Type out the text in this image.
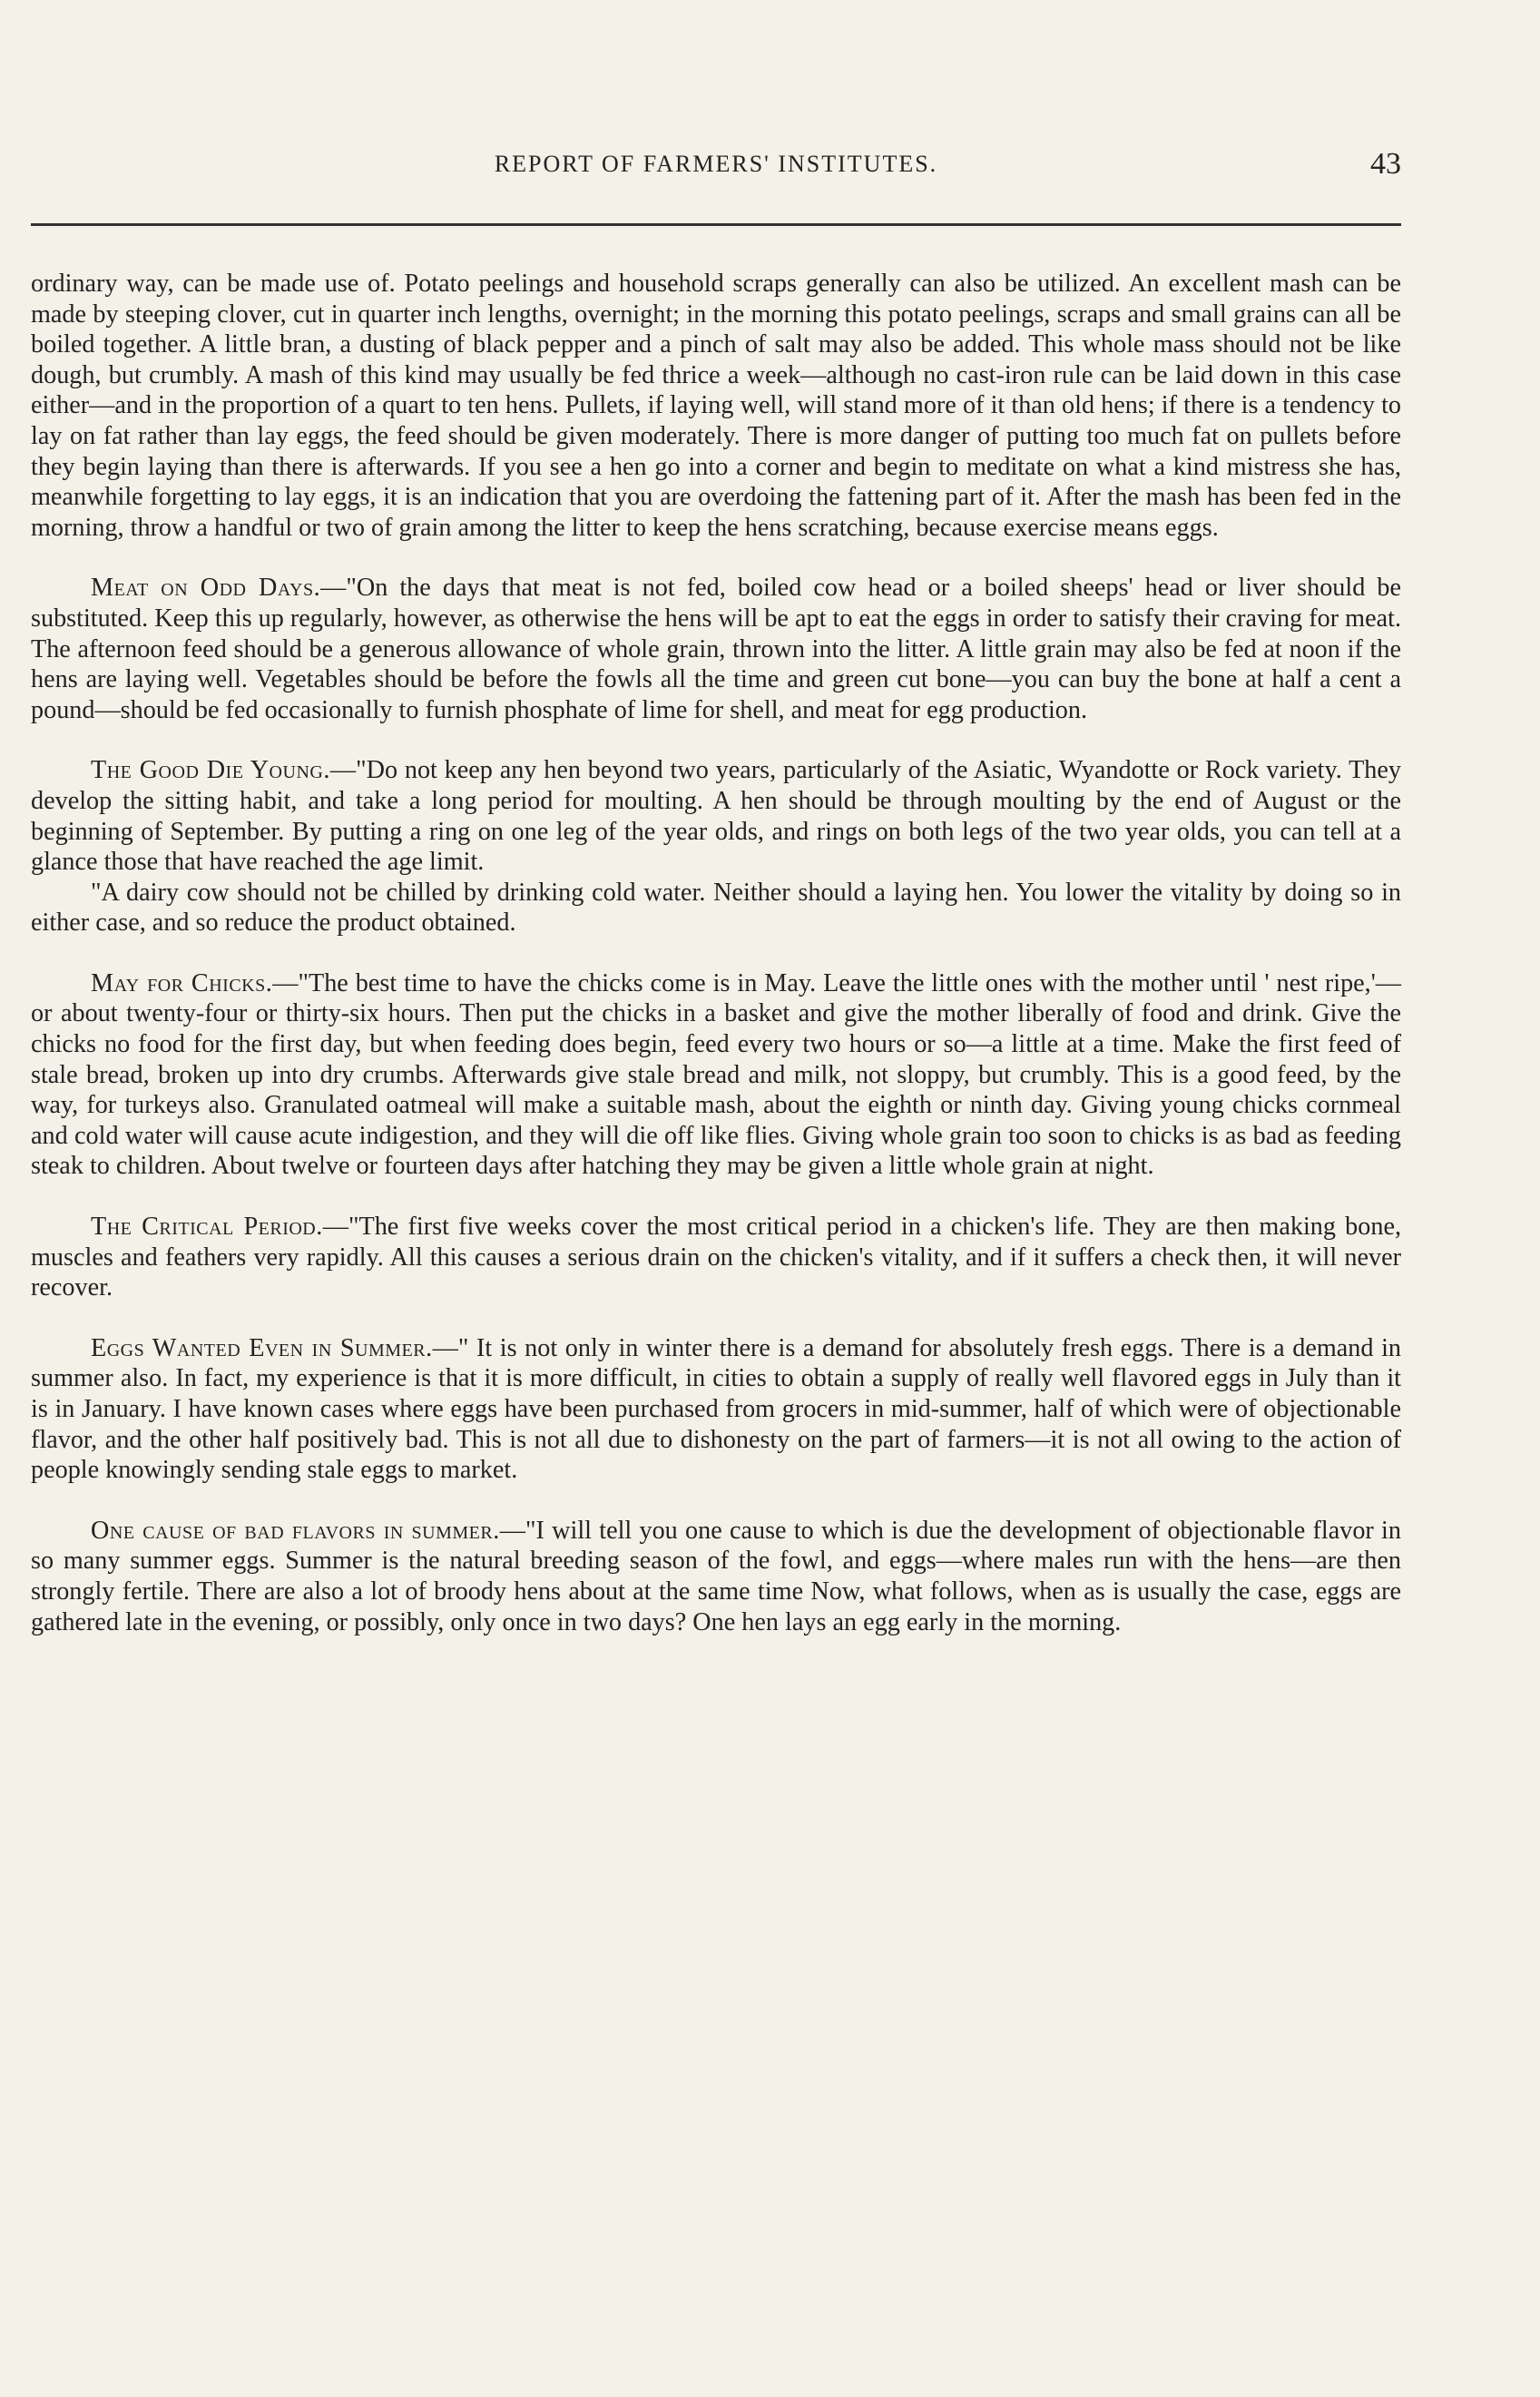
REPORT OF FARMERS' INSTITUTES.	43

ordinary way, can be made use of. Potato peelings and household scraps generally can also be utilized. An excellent mash can be made by steeping clover, cut in quarter inch lengths, overnight; in the morning this potato peelings, scraps and small grains can all be boiled together. A little bran, a dusting of black pepper and a pinch of salt may also be added. This whole mass should not be like dough, but crumbly. A mash of this kind may usually be fed thrice a week—although no cast-iron rule can be laid down in this case either—and in the proportion of a quart to ten hens. Pullets, if laying well, will stand more of it than old hens; if there is a tendency to lay on fat rather than lay eggs, the feed should be given moderately. There is more danger of putting too much fat on pullets before they begin laying than there is afterwards. If you see a hen go into a corner and begin to meditate on what a kind mistress she has, meanwhile forgetting to lay eggs, it is an indication that you are overdoing the fattening part of it. After the mash has been fed in the morning, throw a handful or two of grain among the litter to keep the hens scratching, because exercise means eggs.

Meat on Odd Days.—"On the days that meat is not fed, boiled cow head or a boiled sheeps' head or liver should be substituted. Keep this up regularly, however, as otherwise the hens will be apt to eat the eggs in order to satisfy their craving for meat. The afternoon feed should be a generous allowance of whole grain, thrown into the litter. A little grain may also be fed at noon if the hens are laying well. Vegetables should be before the fowls all the time and green cut bone—you can buy the bone at half a cent a pound—should be fed occasionally to furnish phosphate of lime for shell, and meat for egg production.

The Good Die Young.—"Do not keep any hen beyond two years, particularly of the Asiatic, Wyandotte or Rock variety. They develop the sitting habit, and take a long period for moulting. A hen should be through moulting by the end of August or the beginning of September. By putting a ring on one leg of the year olds, and rings on both legs of the two year olds, you can tell at a glance those that have reached the age limit.

"A dairy cow should not be chilled by drinking cold water. Neither should a laying hen. You lower the vitality by doing so in either case, and so reduce the product obtained.

May for Chicks.—"The best time to have the chicks come is in May. Leave the little ones with the mother until ' nest ripe,'—or about twenty-four or thirty-six hours. Then put the chicks in a basket and give the mother liberally of food and drink. Give the chicks no food for the first day, but when feeding does begin, feed every two hours or so—a little at a time. Make the first feed of stale bread, broken up into dry crumbs. Afterwards give stale bread and milk, not sloppy, but crumbly. This is a good feed, by the way, for turkeys also. Granulated oatmeal will make a suitable mash, about the eighth or ninth day. Giving young chicks cornmeal and cold water will cause acute indigestion, and they will die off like flies. Giving whole grain too soon to chicks is as bad as feeding steak to children. About twelve or fourteen days after hatching they may be given a little whole grain at night.

The Critical Period.—"The first five weeks cover the most critical period in a chicken's life. They are then making bone, muscles and feathers very rapidly. All this causes a serious drain on the chicken's vitality, and if it suffers a check then, it will never recover.

Eggs Wanted Even in Summer.—" It is not only in winter there is a demand for absolutely fresh eggs. There is a demand in summer also. In fact, my experience is that it is more difficult, in cities to obtain a supply of really well flavored eggs in July than it is in January. I have known cases where eggs have been purchased from grocers in mid-summer, half of which were of objectionable flavor, and the other half positively bad. This is not all due to dishonesty on the part of farmers—it is not all owing to the action of people knowingly sending stale eggs to market.

One cause of bad flavors in summer.—"I will tell you one cause to which is due the development of objectionable flavor in so many summer eggs. Summer is the natural breeding season of the fowl, and eggs—where males run with the hens—are then strongly fertile. There are also a lot of broody hens about at the same time Now, what follows, when as is usually the case, eggs are gathered late in the evening, or possibly, only once in two days? One hen lays an egg early in the morning.
